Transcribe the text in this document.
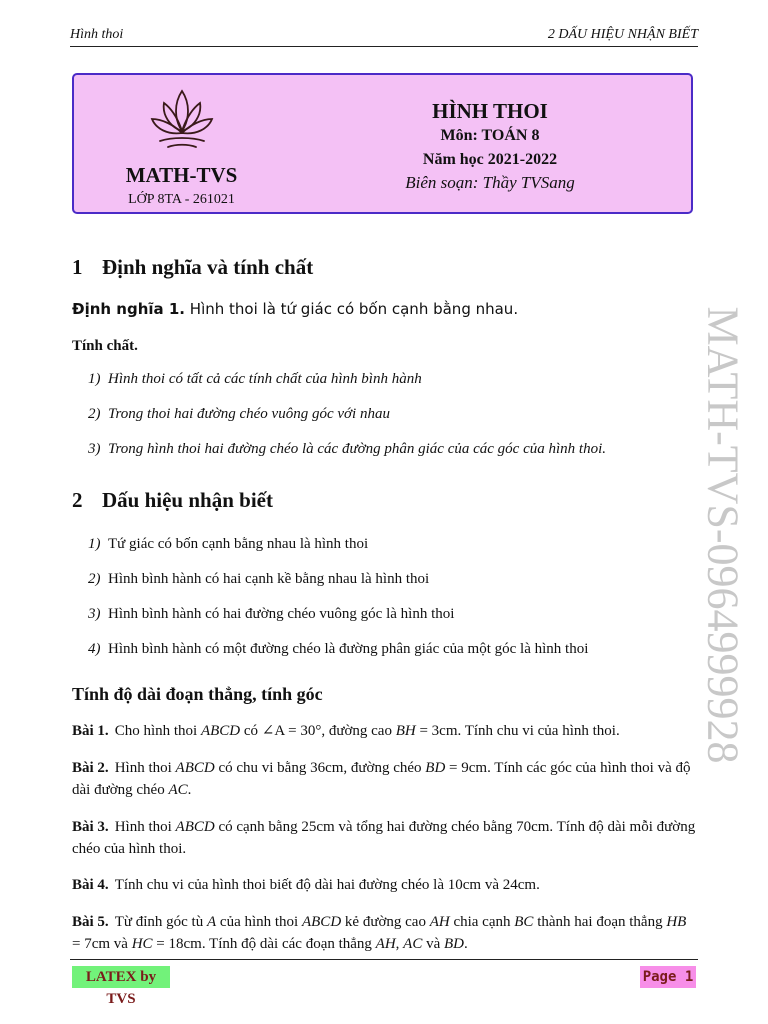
Hình thoi	2 DẤU HIỆU NHẬN BIẾT
MATH-TVS
LỚP 8TA - 261021
HÌNH THOI
Môn: TOÁN 8
Năm học 2021-2022
Biên soạn: Thầy TVSang
1 Định nghĩa và tính chất
Định nghĩa 1. Hình thoi là tứ giác có bốn cạnh bằng nhau.
Tính chất.
1) Hình thoi có tất cả các tính chất của hình bình hành
2) Trong thoi hai đường chéo vuông góc với nhau
3) Trong hình thoi hai đường chéo là các đường phân giác của các góc của hình thoi.
2 Dấu hiệu nhận biết
1) Tứ giác có bốn cạnh bằng nhau là hình thoi
2) Hình bình hành có hai cạnh kề bằng nhau là hình thoi
3) Hình bình hành có hai đường chéo vuông góc là hình thoi
4) Hình bình hành có một đường chéo là đường phân giác của một góc là hình thoi
Tính độ dài đoạn thẳng, tính góc
Bài 1. Cho hình thoi ABCD có ∠A = 30°, đường cao BH = 3cm. Tính chu vi của hình thoi.
Bài 2. Hình thoi ABCD có chu vi bằng 36cm, đường chéo BD = 9cm. Tính các góc của hình thoi và độ dài đường chéo AC.
Bài 3. Hình thoi ABCD có cạnh bằng 25cm và tổng hai đường chéo bằng 70cm. Tính độ dài mỗi đường chéo của hình thoi.
Bài 4. Tính chu vi của hình thoi biết độ dài hai đường chéo là 10cm và 24cm.
Bài 5. Từ đỉnh góc tù A của hình thoi ABCD kẻ đường cao AH chia cạnh BC thành hai đoạn thẳng HB = 7cm và HC = 18cm. Tính độ dài các đoạn thẳng AH, AC và BD.
MATH-TVS-0964999928
LATEX by TVS
Page 1
